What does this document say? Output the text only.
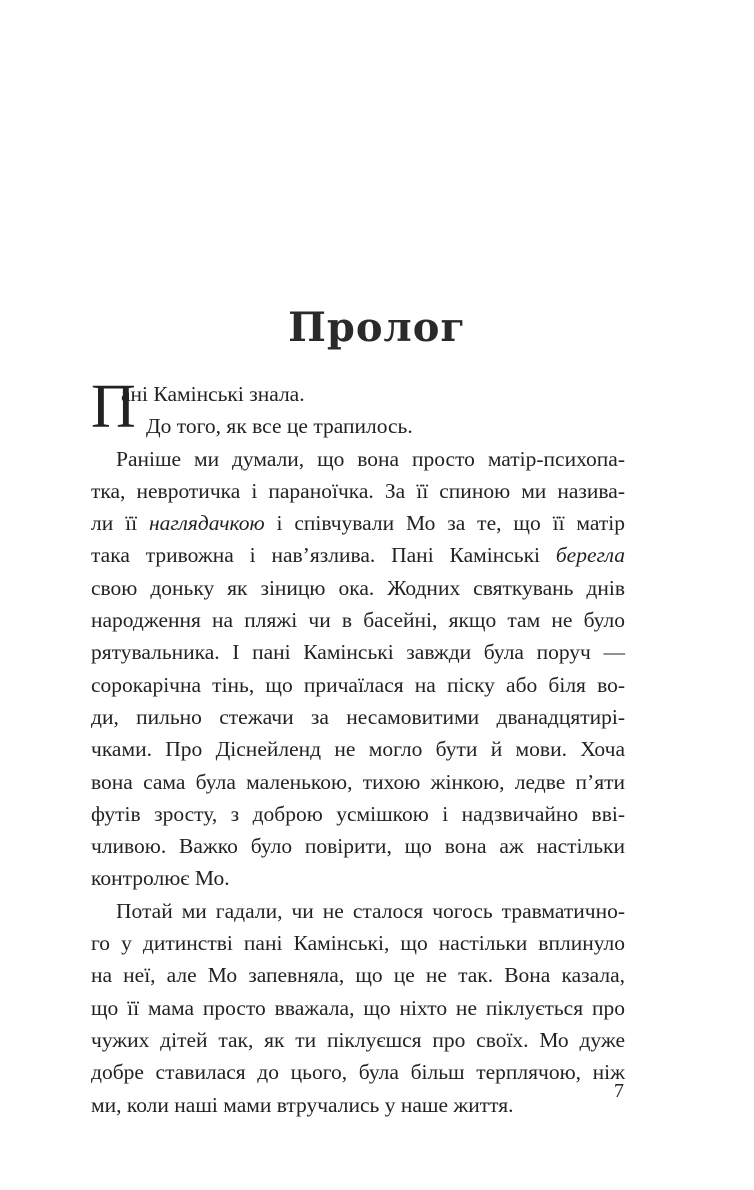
Пролог
П
ані Камінські знала.
До того, як все це трапилось.
Раніше ми думали, що вона просто матір-психопа-
тка, невротичка і параноїчка. За її спиною ми назива-
ли її наглядачкою і співчували Мо за те, що її матір
така тривожна і нав’язлива. Пані Камінські берегла
свою доньку як зіницю ока. Жодних святкувань днів
народження на пляжі чи в басейні, якщо там не було
рятувальника. І пані Камінські завжди була поруч —
сорокарічна тінь, що причаїлася на піску або біля во-
ди, пильно стежачи за несамовитими дванадцятирі-
чками. Про Діснейленд не могло бути й мови. Хоча
вона сама була маленькою, тихою жінкою, ледве п’яти
футів зросту, з доброю усмішкою і надзвичайно вві-
чливою. Важко було повірити, що вона аж настільки
контролює Мо.
Потай ми гадали, чи не сталося чогось травматично-
го у дитинстві пані Камінські, що настільки вплинуло
на неї, але Мо запевняла, що це не так. Вона казала,
що її мама просто вважала, що ніхто не піклується про
чужих дітей так, як ти піклуєшся про своїх. Мо дуже
добре ставилася до цього, була більш терплячою, ніж
ми, коли наші мами втручались у наше життя.
7
